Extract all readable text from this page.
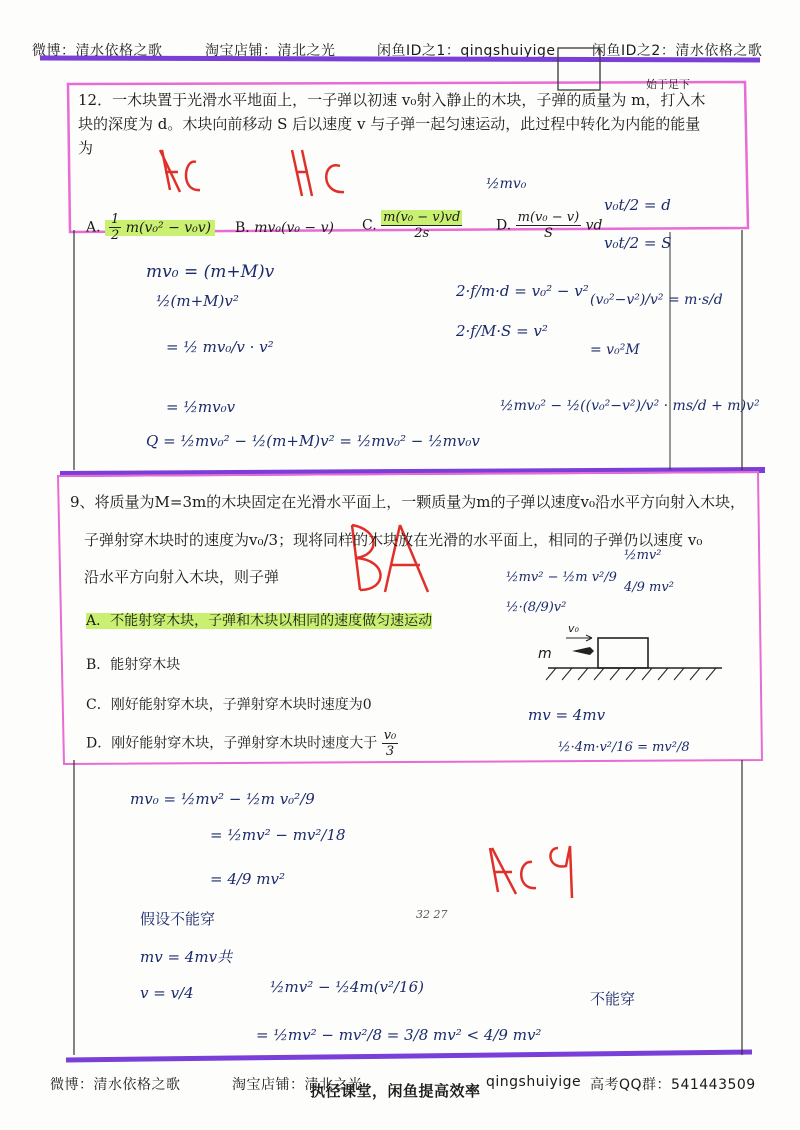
微博：清水依格之歌	淘宝店铺：清北之光	闲鱼ID之1：qingshuiyige	闲鱼ID之2：清水依格之歌

12．一木块置于光滑水平地面上，一子弹以初速 v₀射入静止的木块，子弹的质量为 m，打入木

块的深度为 d。木块向前移动 S 后以速度 v 与子弹一起匀速运动，此过程中转化为内能的能量

为

始于足下
A. $\frac{1}{2} m(v_0^2 - v_0v)$ B. mv₀(v₀ − v) C. $\frac{\text{m(v₀ − v)vd}}{2s} D$. $\frac{\text{m(v₀ − v)}}{S}$ vd
mv₀ = (m+M)v
½(m+M)v²
= ½ mv₀/v · v²
= ½mv₀v
Q = ½mv₀² − ½(m+M)v² = ½mv₀² − ½mv₀v
2·f/m·d = v₀² − v²
2·f/M·S = v²
(v₀²−v²)/v² = m·s/d
= v₀²M
½mv₀² − ½((v₀²−v²)/v² · ms/d + m)v²
v₀t/2 = d
v₀t/2 = S
½mv₀

9、将质量为M=3m的木块固定在光滑水平面上，一颗质量为m的子弹以速度v₀沿水平方向射入木块，

子弹射穿木块时的速度为v₀/3；现将同样的木块放在光滑的水平面上，相同的子弹仍以速度 v₀

沿水平方向射入木块，则子弹

A．不能射穿木块，子弹和木块以相同的速度做匀速运动
B．能射穿木块
C．刚好能射穿木块，子弹射穿木块时速度为0
D．刚好能射穿木块，子弹射穿木块时速度大于 $\frac{\text{v₀}}{3}$
v₀
m
½mv² − ½m v²/9
½·(8/9)v²
½mv²
4/9 mv²
mv = 4mv
½·4m·v²/16 = mv²/8
mv₀ = ½mv² − ½m v₀²/9
= ½mv² − mv²/18
= 4/9 mv²
假设不能穿
mv = 4mv共
v = v/4	½mv² − ½4m(v²/16)
= ½mv² − mv²/8 = 3/8 mv² < 4/9 mv²
不能穿
32 27
微博：清水依格之歌	淘宝店铺：清北之光
执径课堂，闲鱼提高效率 qingshuiyige 高考QQ群：541443509
